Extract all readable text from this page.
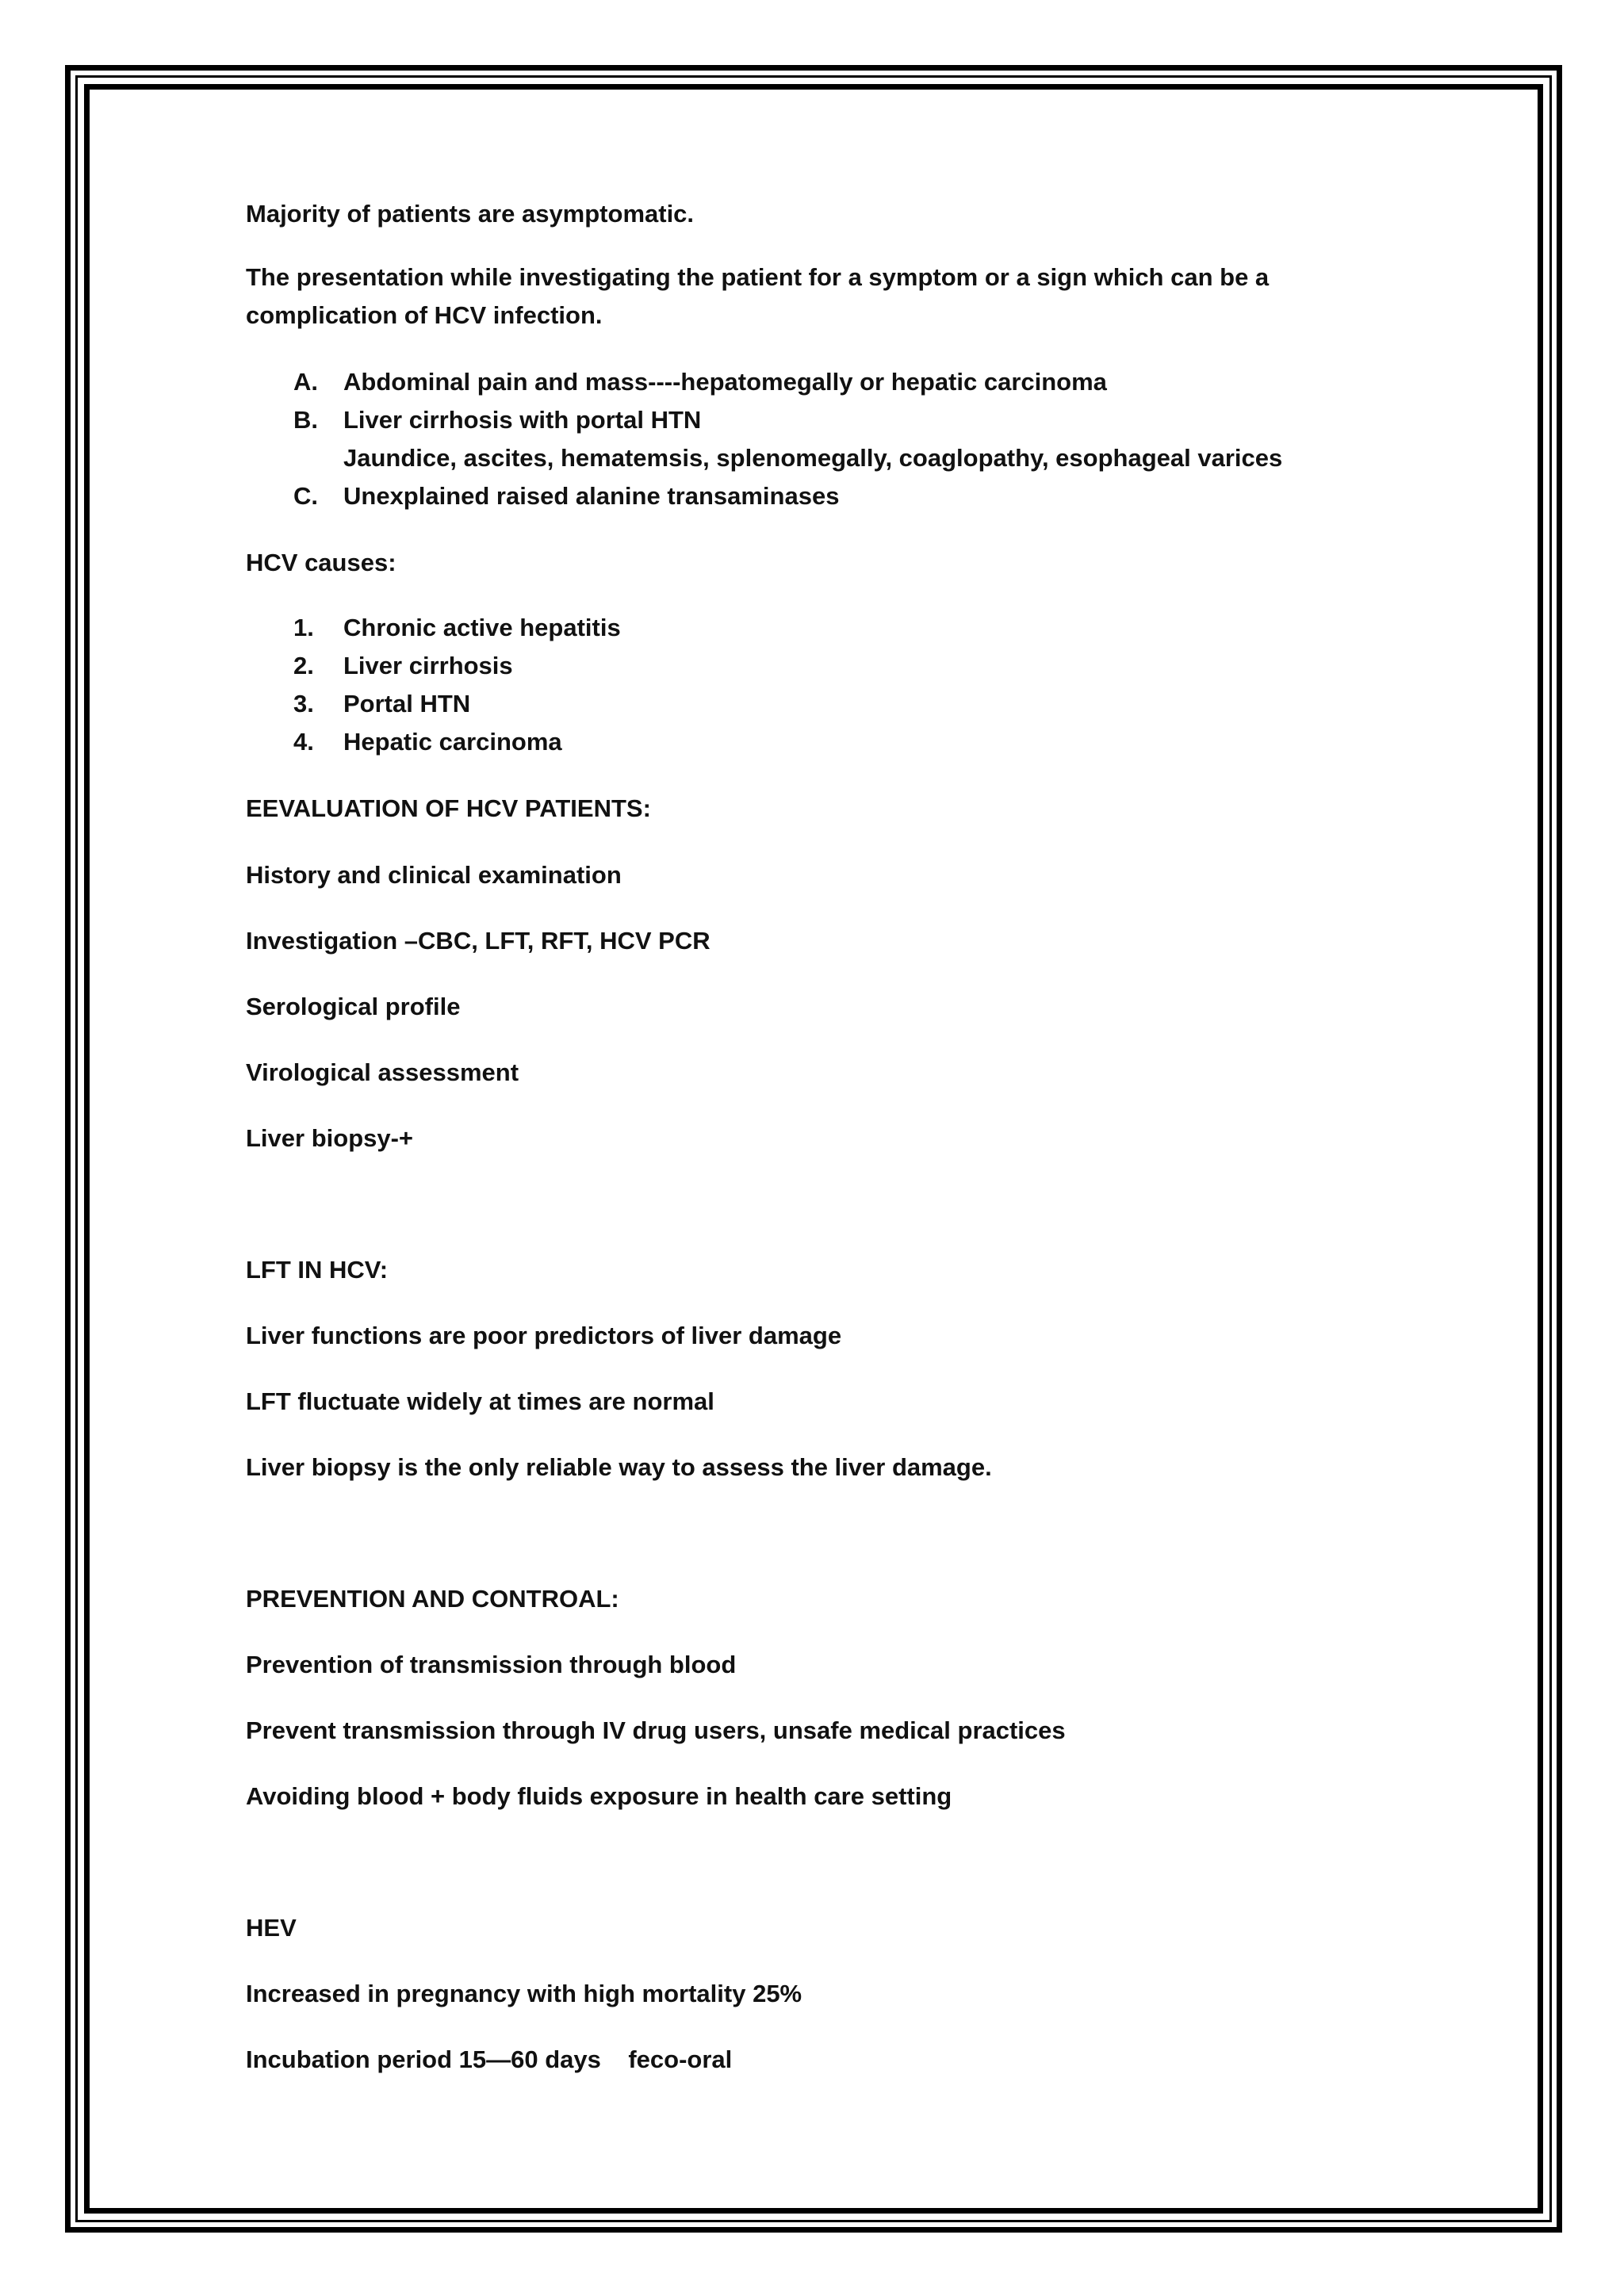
Majority of patients are asymptomatic.
The presentation while investigating the patient for a symptom or a sign which can be a
complication of HCV infection.
A. Abdominal pain and mass----hepatomegally or hepatic carcinoma
B. Liver cirrhosis with portal HTN
Jaundice, ascites, hematemsis, splenomegally, coaglopathy, esophageal varices
C. Unexplained raised alanine transaminases
HCV causes:
1. Chronic active hepatitis
2. Liver cirrhosis
3. Portal HTN
4. Hepatic carcinoma
EEVALUATION OF HCV PATIENTS:
History and clinical examination
Investigation –CBC, LFT, RFT, HCV PCR
Serological profile
Virological assessment
Liver biopsy-+
LFT IN HCV:
Liver functions are poor predictors of liver damage
LFT fluctuate widely at times are normal
Liver biopsy is the only reliable way to assess the liver damage.
PREVENTION AND CONTROAL:
Prevention of transmission through blood
Prevent transmission through IV drug users, unsafe medical practices
Avoiding blood + body fluids exposure in health care setting
HEV
Increased in pregnancy with high mortality 25%
Incubation period 15—60 days    feco-oral
